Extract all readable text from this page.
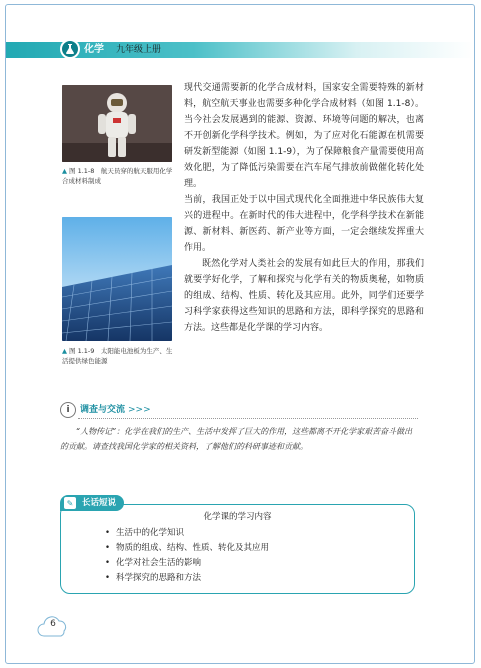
化学 九年级上册
▲ 图 1.1-8　航天员穿的航天服用化学合成材料制成
▲ 图 1.1-9　太阳能电池板为生产、生活提供绿色能源

现代交通需要新的化学合成材料，国家安全需要特殊的新材料，航空航天事业也需要多种化学合成材料（如图 1.1-8）。当今社会发展遇到的能源、资源、环境等问题的解决，也离不开创新化学科学技术。例如，为了应对化石能源在机需要研发新型能源（如图 1.1-9），为了保障粮食产量需要使用高效化肥，为了降低污染需要在汽车尾气排放前做催化转化处理。

当前，我国正处于以中国式现代化全面推进中华民族伟大复兴的进程中。在新时代的伟大进程中，化学科学技术在新能源、新材料、新医药、新产业等方面，一定会继续发挥重大作用。

既然化学对人类社会的发展有如此巨大的作用，那我们就要学好化学，了解和探究与化学有关的物质奥秘，如物质的组成、结构、性质、转化及其应用。此外，同学们还要学习科学家获得这些知识的思路和方法，即科学探究的思路和方法。这些都是化学课的学习内容。

i	调查与交流 >>>
“人物传记”：化学在我们的生产、生活中发挥了巨大的作用，这些都离不开化学家艰苦奋斗做出的贡献。请查找我国化学家的相关资料，了解他们的科研事迹和贡献。
长话短说
✎
化学课的学习内容
• 生活中的化学知识
• 物质的组成、结构、性质、转化及其应用
• 化学对社会生活的影响
• 科学探究的思路和方法
6
